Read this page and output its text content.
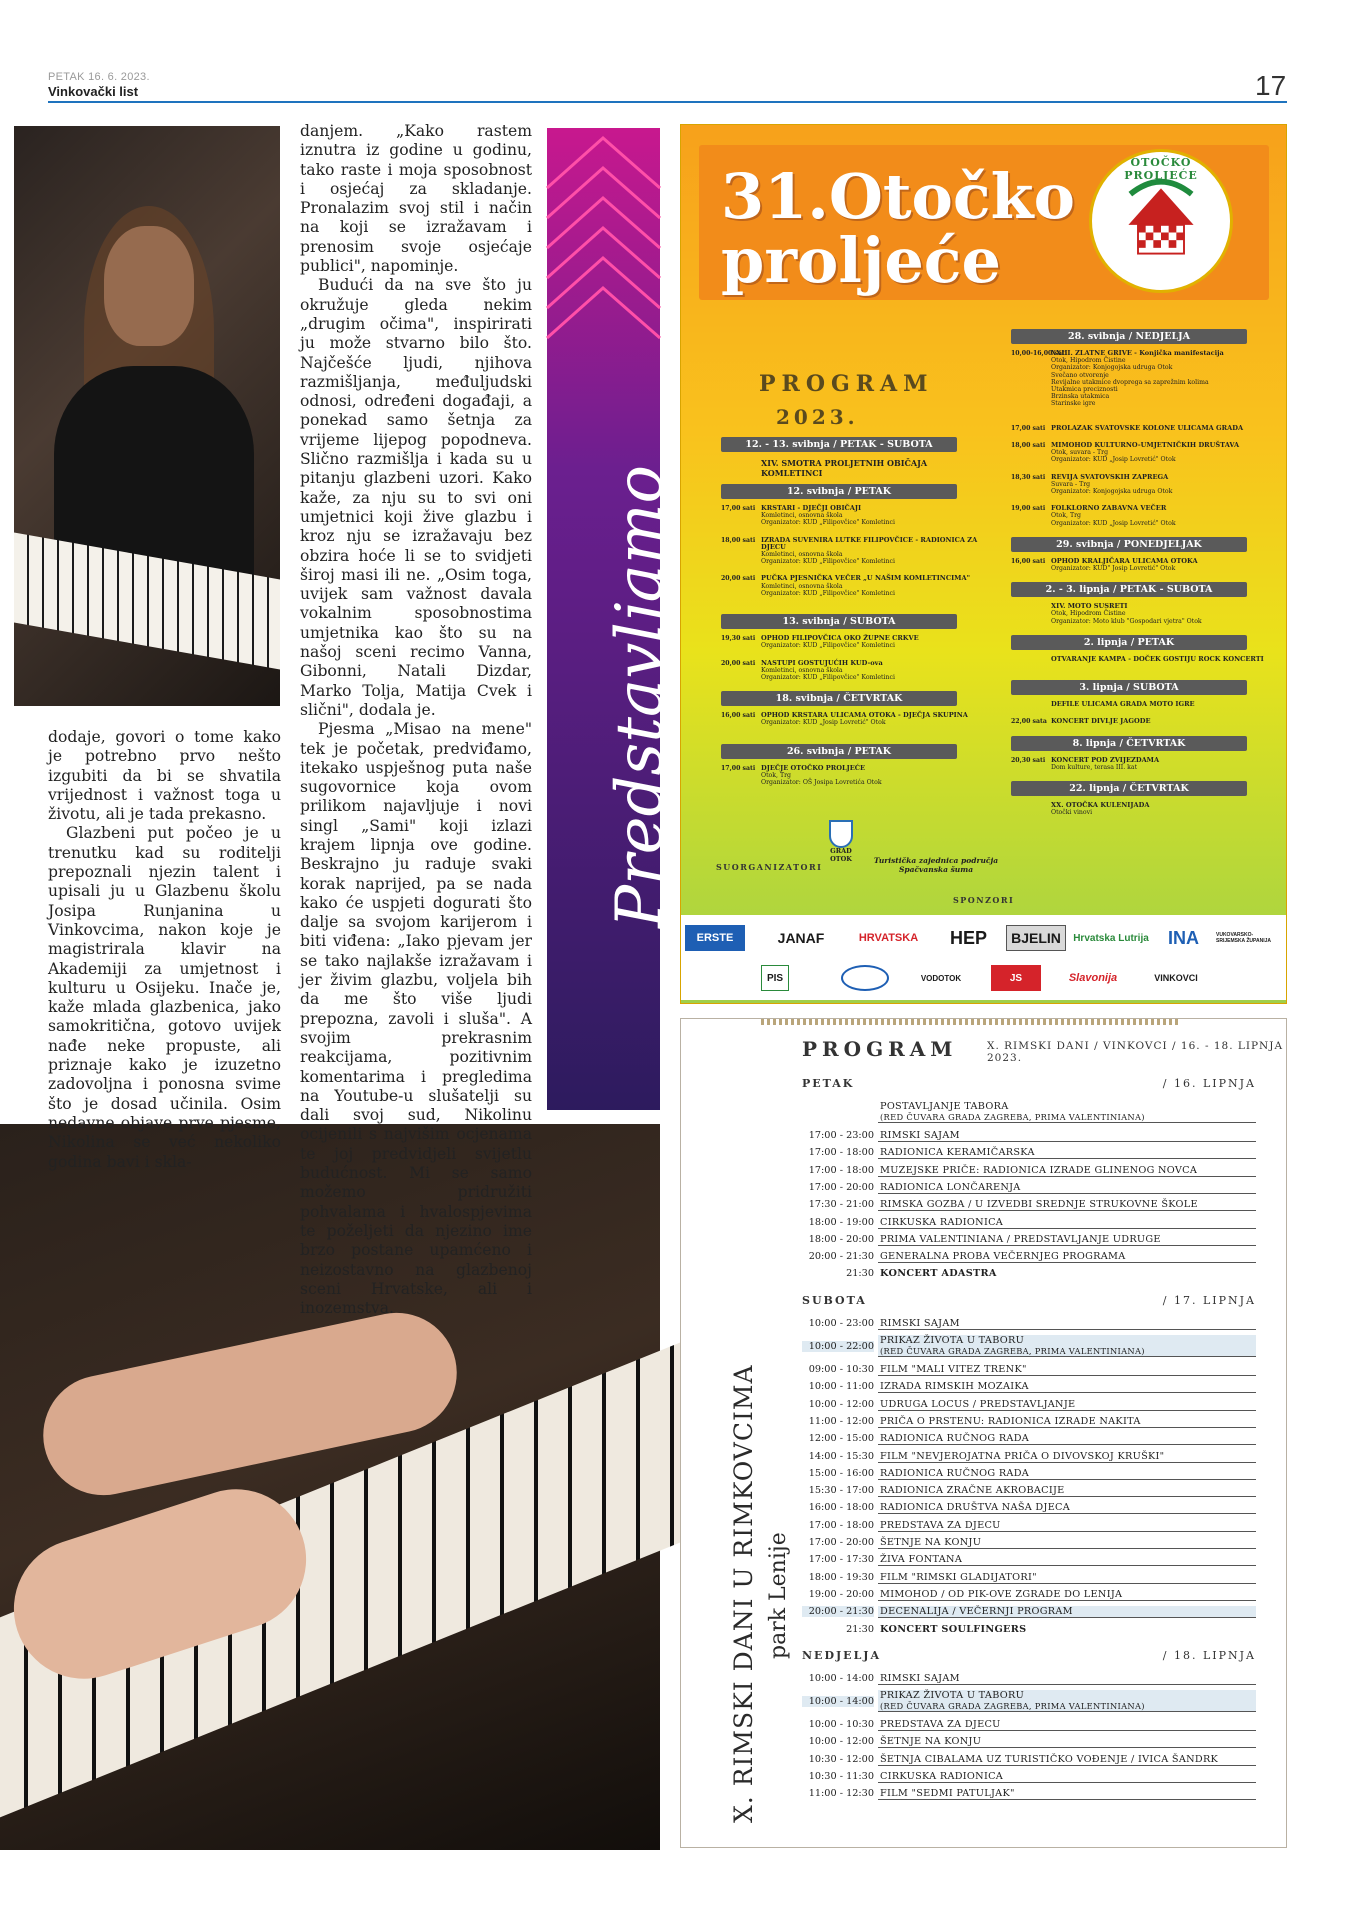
PETAK 16. 6. 2023.
Vinkovački list	17

dodaje, govori o tome kako je potrebno prvo nešto izgubiti da bi se shvatila vrijednost i važnost toga u životu, ali je tada prekasno.

Glazbeni put počeo je u trenutku kad su roditelji prepoznali njezin talent i upisali ju u Glazbenu školu Josipa Runjanina u Vinkovcima, nakon koje je magistrirala klavir na Akademiji za umjetnost i kulturu u Osijeku. Inače je, kaže mlada glazbenica, jako samokritična, gotovo uvijek nađe neke propuste, ali priznaje kako je izuzetno zadovoljna i ponosna svime što je dosad učinila. Osim nedavne objave prve pjesme, Nikolina se već nekoliko godina bavi i skla-

danjem. „Kako rastem iznutra iz godine u godinu, tako raste i moja sposobnost i osjećaj za skladanje. Pronalazim svoj stil i način na koji se izražavam i prenosim svoje osjećaje publici", napominje.

Budući da na sve što ju okružuje gleda nekim „drugim očima", inspirirati ju može stvarno bilo što. Najčešće ljudi, njihova razmišljanja, međuljudski odnosi, određeni događaji, a ponekad samo šetnja za vrijeme lijepog popodneva. Slično razmišlja i kada su u pitanju glazbeni uzori. Kako kaže, za nju su to svi oni umjetnici koji žive glazbu i kroz nju se izražavaju bez obzira hoće li se to svidjeti široj masi ili ne. „Osim toga, uvijek sam važnost davala vokalnim sposobnostima umjetnika kao što su na našoj sceni recimo Vanna, Gibonni, Natali Dizdar, Marko Tolja, Matija Cvek i slični", dodala je.

Pjesma „Misao na mene" tek je početak, predviđamo, itekako uspješnog puta naše sugovornice koja ovom prilikom najavljuje i novi singl „Sami" koji izlazi krajem lipnja ove godine. Beskrajno ju raduje svaki korak naprijed, pa se nada kako će uspjeti dogurati što dalje sa svojom karijerom i biti viđena: „Iako pjevam jer se tako najlakše izražavam i jer živim glazbu, voljela bih da me što više ljudi prepozna, zavoli i sluša". A svojim prekrasnim reakcijama, pozitivnim komentarima i pregledima na Youtube-u slušatelji su dali svoj sud, Nikolinu ocijenili s najvišim ocjenama te joj predvidjeli svijetlu budućnost. Mi se samo možemo pridružiti pohvalama i hvalospjevima te poželjeti da njezino ime brzo postane upamćeno i neizostavno na glazbenoj sceni Hrvatske, ali i inozemstva.

Predstavljamo
31.Otočko
proljeće
OTOČKO PROLJEĆE
PROGRAM
2023.
12. - 13. svibnja / PETAK - SUBOTA
XIV. SMOTRA PROLJETNIH OBIČAJA KOMLETINCI
12. svibnja / PETAK
17,00 sati KRSTARI - DJEČJI OBIČAJI
Komletinci, osnovna škola
Organizator: KUD „Filipovčice" Komletinci
18,00 sati IZRADA SUVENIRA LUTKE FILIPOVČICE - RADIONICA ZA DJECU
Komletinci, osnovna škola
Organizator: KUD „Filipovčice" Komletinci
20,00 sati PUČKA PJESNIČKA VEČER „U NAŠIM KOMLETINCIMA"
Komletinci, osnovna škola
Organizator: KUD „Filipovčice" Komletinci
13. svibnja / SUBOTA
19,30 sati OPHOD FILIPOVČICA OKO ŽUPNE CRKVE
Organizator: KUD „Filipovčice" Komletinci
20,00 sati NASTUPI GOSTUJUĆIH KUD-ova
Komletinci, osnovna škola
Organizator: KUD „Filipovčice" Komletinci
18. svibnja / ČETVRTAK
16,00 sati OPHOD KRSTARA ULICAMA OTOKA - DJEČJA SKUPINA
Organizator: KUD „Josip Lovretić" Otok
26. svibnja / PETAK
17,00 sati DJEČJE OTOČKO PROLJEĆE
Otok, Trg
Organizator: OŠ Josipa Lovretića Otok
28. svibnja / NEDJELJA
10,00-16,00 sati
XXIII. ZLATNE GRIVE - Konjička manifestacija
Otok, Hipodrom Čistine
Organizator: Konjogojska udruga Otok
Svečano otvorenje
Revijalne utakmice dvoprega sa zaprežnim kolima
Utakmica preciznosti
Brzinska utakmica
Starinske igre
17,00 sati PROLAZAK SVATOVSKE KOLONE ULICAMA GRADA
18,00 sati MIMOHOD KULTURNO-UMJETNIČKIH DRUŠTAVA
Otok, suvara - Trg
Organizator: KUD „Josip Lovretić" Otok
18,30 sati REVIJA SVATOVSKIH ZAPREGA
Suvara - Trg
Organizator: Konjogojska udruga Otok
19,00 sati FOLKLORNO ZABAVNA VEČER
Otok, Trg
Organizator: KUD „Josip Lovretić" Otok
29. svibnja / PONEDJELJAK
16,00 sati OPHOD KRALJIČARA ULICAMA OTOKA
Organizator: KUD" Josip Lovretić" Otok
2. - 3. lipnja / PETAK - SUBOTA
XIV. MOTO SUSRETI
Otok, Hipodrom Čistine
Organizator: Moto klub "Gospodari vjetra" Otok
2. lipnja / PETAK
OTVARANJE KAMPA - DOČEK GOSTIJU ROCK KONCERTI
3. lipnja / SUBOTA
DEFILE ULICAMA GRADA MOTO IGRE
22,00 sata KONCERT DIVLJE JAGODE
8. lipnja / ČETVRTAK
20,30 sati KONCERT POD ZVIJEZDAMA
Dom kulture, terasa III. kat
22. lipnja / ČETVRTAK
XX. OTOČKA KULENIJADA
Otočki vinovi
SUORGANIZATORI
GRAD OTOK	Turistička zajednica područja Spačvanska šuma
SPONZORI
ERSTE	JANAF	HRVATSKA	HEP	BJELIN	Hrvatska Lutrija	INA	VUKOVARSKO-SRIJEMSKA ŽUPANIJA
PIS	VODOTOK	JS	Slavonija	VINKOVCI
X. RIMSKI DANI U RIMKOVCIMA park Lenije
PROGRAM	X. RIMSKI DANI / VINKOVCI / 16. - 18. LIPNJA 2023.
PETAK	/ 16. LIPNJA
POSTAVLJANJE TABORA
(RED ČUVARA GRADA ZAGREBA, PRIMA VALENTINIANA)
17:00 - 23:00 RIMSKI SAJAM
17:00 - 18:00 RADIONICA KERAMIČARSKA
17:00 - 18:00 MUZEJSKE PRIČE: RADIONICA IZRADE GLINENOG NOVCA
17:00 - 20:00 RADIONICA LONČARENJA
17:30 - 21:00 RIMSKA GOZBA / U IZVEDBI SREDNJE STRUKOVNE ŠKOLE
18:00 - 19:00 CIRKUSKA RADIONICA
18:00 - 20:00 PRIMA VALENTINIANA / PREDSTAVLJANJE UDRUGE
20:00 - 21:30 GENERALNA PROBA VEČERNJEG PROGRAMA
21:30 KONCERT ADASTRA
SUBOTA	/ 17. LIPNJA
10:00 - 23:00 RIMSKI SAJAM
10:00 - 22:00
PRIKAZ ŽIVOTA U TABORU
(RED ČUVARA GRADA ZAGREBA, PRIMA VALENTINIANA)
09:00 - 10:30 FILM "MALI VITEZ TRENK"
10:00 - 11:00 IZRADA RIMSKIH MOZAIKA
10:00 - 12:00 UDRUGA LOCUS / PREDSTAVLJANJE
11:00 - 12:00 PRIČA O PRSTENU: RADIONICA IZRADE NAKITA
12:00 - 15:00 RADIONICA RUČNOG RADA
14:00 - 15:30 FILM "NEVJEROJATNA PRIČA O DIVOVSKOJ KRUŠKI"
15:00 - 16:00 RADIONICA RUČNOG RADA
15:30 - 17:00 RADIONICA ZRAČNE AKROBACIJE
16:00 - 18:00 RADIONICA DRUŠTVA NAŠA DJECA
17:00 - 18:00 PREDSTAVA ZA DJECU
17:00 - 20:00 ŠETNJE NA KONJU
17:00 - 17:30 ŽIVA FONTANA
18:00 - 19:30 FILM "RIMSKI GLADIJATORI"
19:00 - 20:00 MIMOHOD / OD PIK-OVE ZGRADE DO LENIJA
20:00 - 21:30 DECENALIJA / VEČERNJI PROGRAM
21:30 KONCERT SOULFINGERS
NEDJELJA	/ 18. LIPNJA
10:00 - 14:00 RIMSKI SAJAM
10:00 - 14:00
PRIKAZ ŽIVOTA U TABORU
(RED ČUVARA GRADA ZAGREBA, PRIMA VALENTINIANA)
10:00 - 10:30 PREDSTAVA ZA DJECU
10:00 - 12:00 ŠETNJE NA KONJU
10:30 - 12:00 ŠETNJA CIBALAMA UZ TURISTIČKO VOĐENJE / IVICA ŠANDRK
10:30 - 11:30 CIRKUSKA RADIONICA
11:00 - 12:30 FILM "SEDMI PATULJAK"
